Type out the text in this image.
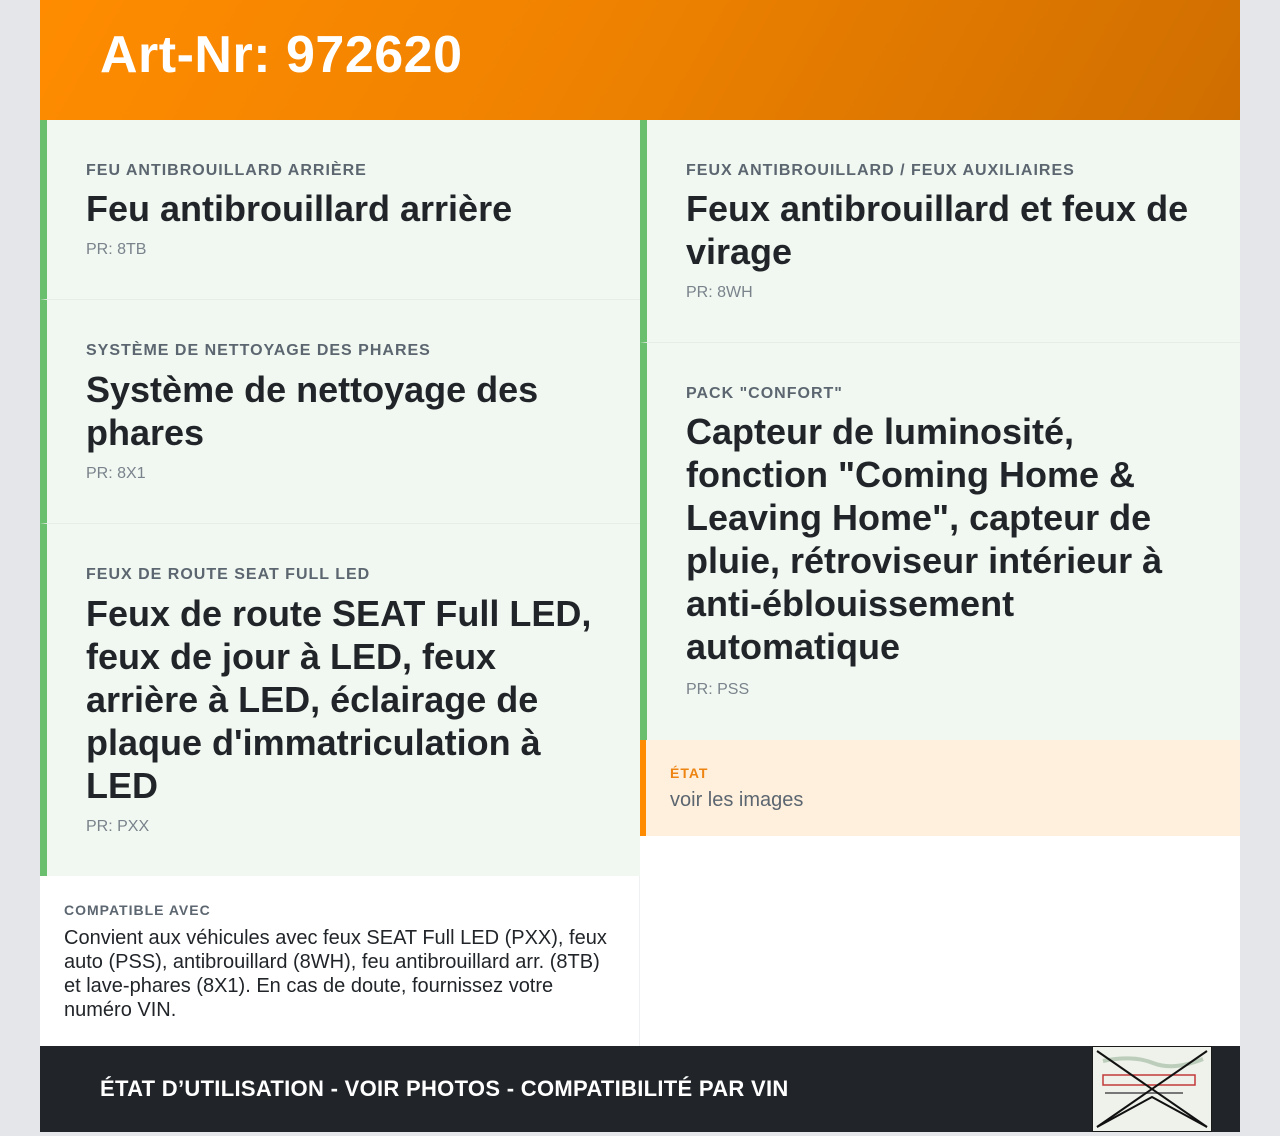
Art-Nr: 972620
FEU ANTIBROUILLARD ARRIÈRE
Feu antibrouillard arrière
PR: 8TB
SYSTÈME DE NETTOYAGE DES PHARES
Système de nettoyage des phares
PR: 8X1
FEUX DE ROUTE SEAT FULL LED
Feux de route SEAT Full LED, feux de jour à LED, feux arrière à LED, éclairage de plaque d'immatriculation à LED
PR: PXX
COMPATIBLE AVEC
Convient aux véhicules avec feux SEAT Full LED (PXX), feux auto (PSS), antibrouillard (8WH), feu antibrouillard arr. (8TB) et lave-phares (8X1). En cas de doute, fournissez votre numéro VIN.
FEUX ANTIBROUILLARD / FEUX AUXILIAIRES
Feux antibrouillard et feux de virage
PR: 8WH
PACK "CONFORT"
Capteur de luminosité, fonction "Coming Home & Leaving Home", capteur de pluie, rétroviseur intérieur à anti-éblouissement automatique
PR: PSS
ÉTAT
voir les images
ÉTAT D’UTILISATION - VOIR PHOTOS - COMPATIBILITÉ PAR VIN
